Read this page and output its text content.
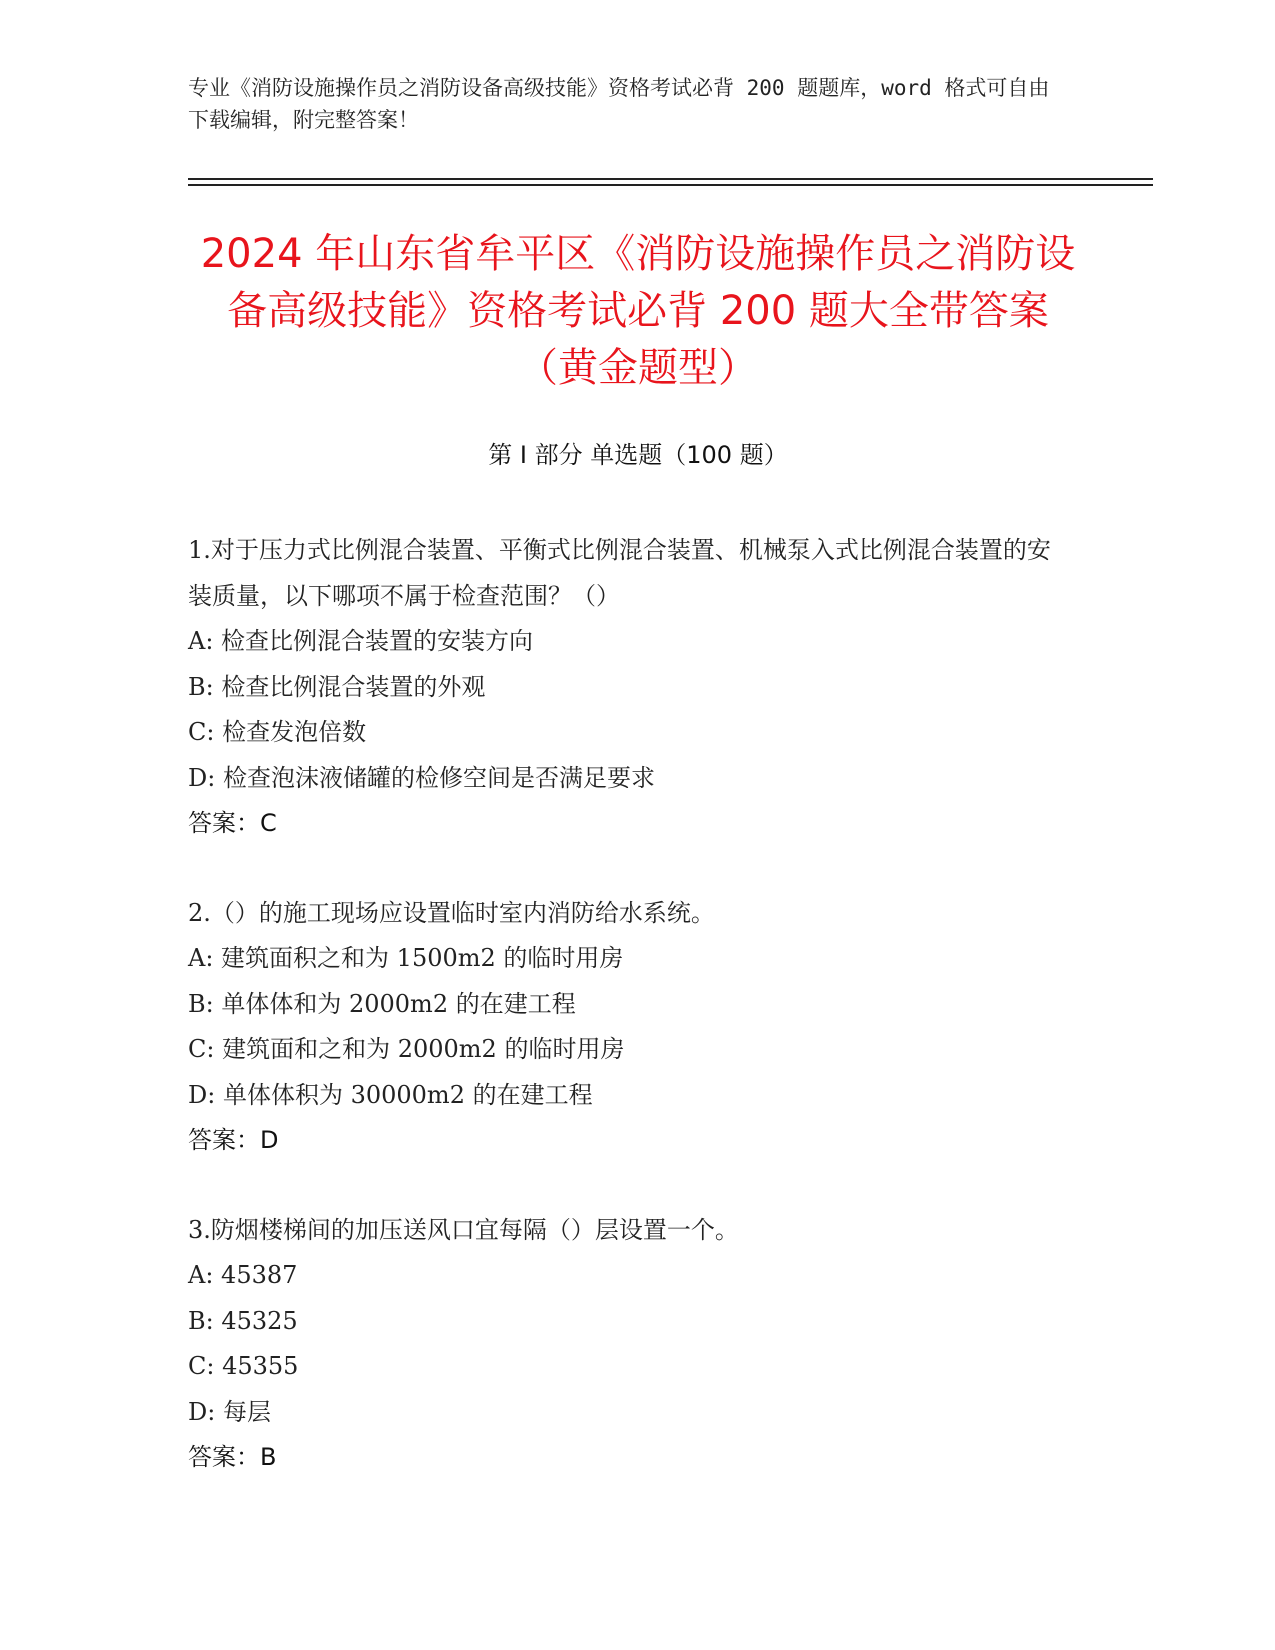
专业《消防设施操作员之消防设备高级技能》资格考试必背 200 题题库，word 格式可自由下载编辑，附完整答案！
2024 年山东省牟平区《消防设施操作员之消防设备高级技能》资格考试必背 200 题大全带答案（黄金题型）
第 I 部分 单选题（100 题）
1.对于压力式比例混合装置、平衡式比例混合装置、机械泵入式比例混合装置的安装质量，以下哪项不属于检查范围？（）
A: 检查比例混合装置的安装方向
B: 检查比例混合装置的外观
C: 检查发泡倍数
D: 检查泡沫液储罐的检修空间是否满足要求
答案：C
2.（）的施工现场应设置临时室内消防给水系统。
A: 建筑面积之和为 1500m2 的临时用房
B: 单体体和为 2000m2 的在建工程
C: 建筑面和之和为 2000m2 的临时用房
D: 单体体积为 30000m2 的在建工程
答案：D
3.防烟楼梯间的加压送风口宜每隔（）层设置一个。
A: 45387
B: 45325
C: 45355
D: 每层
答案：B
